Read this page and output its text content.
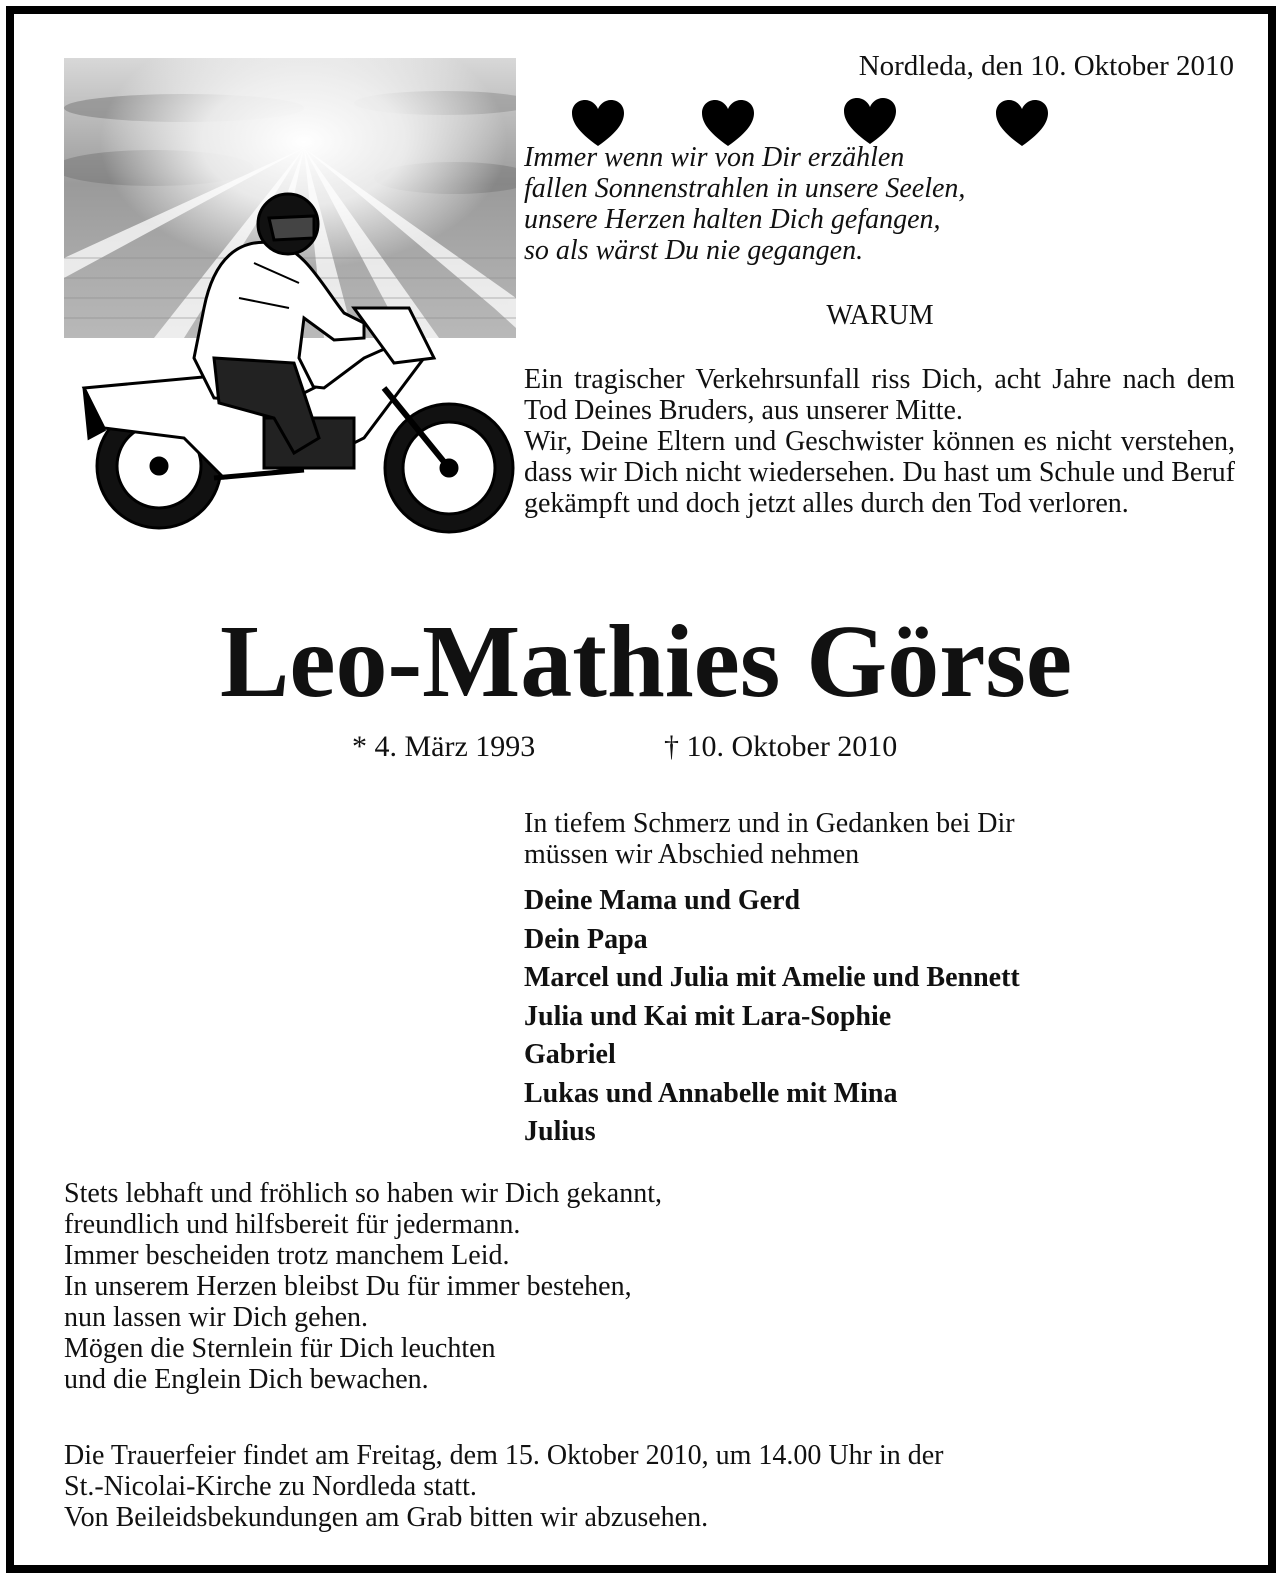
Nordleda, den 10. Oktober 2010
Immer wenn wir von Dir erzählen
fallen Sonnenstrahlen in unsere Seelen,
unsere Herzen halten Dich gefangen,
so als wärst Du nie gegangen.
WARUM

Ein tragischer Verkehrsunfall riss Dich, acht Jahre nach dem Tod Deines Bruders, aus unserer Mitte.

Wir, Deine Eltern und Geschwister können es nicht verstehen, dass wir Dich nicht wiedersehen. Du hast um Schule und Beruf gekämpft und doch jetzt alles durch den Tod verloren.

Leo-Mathies Görse
* 4. März 1993	† 10. Oktober 2010
In tiefem Schmerz und in Gedanken bei Dir
müssen wir Abschied nehmen
Deine Mama und Gerd
Dein Papa
Marcel und Julia mit Amelie und Bennett
Julia und Kai mit Lara-Sophie
Gabriel
Lukas und Annabelle mit Mina
Julius
Stets lebhaft und fröhlich so haben wir Dich gekannt,
freundlich und hilfsbereit für jedermann.
Immer bescheiden trotz manchem Leid.
In unserem Herzen bleibst Du für immer bestehen,
nun lassen wir Dich gehen.
Mögen die Sternlein für Dich leuchten
und die Englein Dich bewachen.
Die Trauerfeier findet am Freitag, dem 15. Oktober 2010, um 14.00 Uhr in der
St.-Nicolai-Kirche zu Nordleda statt.
Von Beileidsbekundungen am Grab bitten wir abzusehen.
